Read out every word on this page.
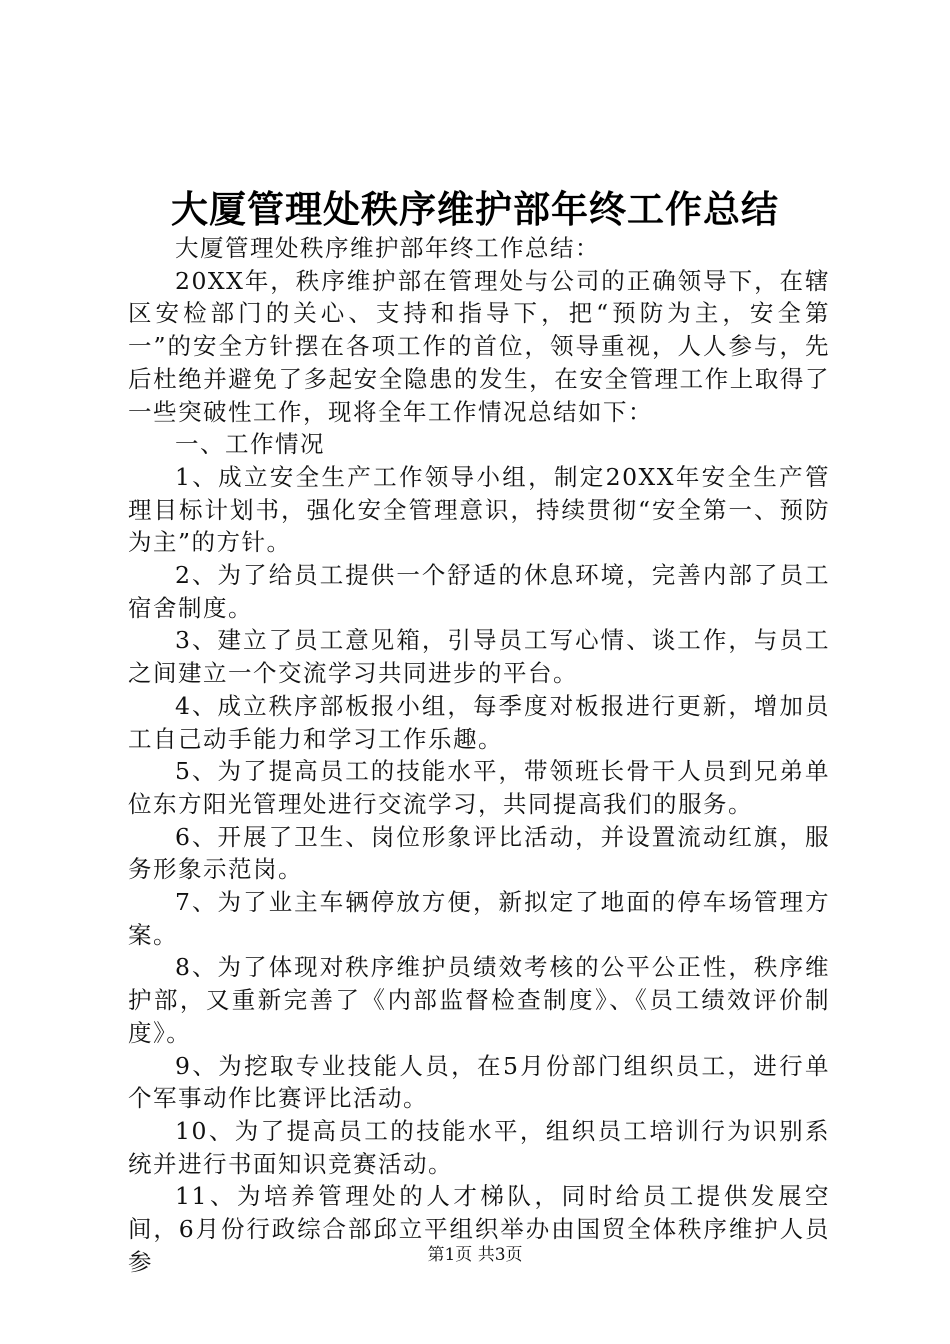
大厦管理处秩序维护部年终工作总结

大厦管理处秩序维护部年终工作总结：

20XX年，秩序维护部在管理处与公司的正确领导下，在辖区安检部门的关心、支持和指导下，把“预防为主，安全第一”的安全方针摆在各项工作的首位，领导重视，人人参与，先后杜绝并避免了多起安全隐患的发生，在安全管理工作上取得了一些突破性工作，现将全年工作情况总结如下：

一、工作情况

1、成立安全生产工作领导小组，制定20XX年安全生产管理目标计划书，强化安全管理意识，持续贯彻“安全第一、预防为主”的方针。

2、为了给员工提供一个舒适的休息环境，完善内部了员工宿舍制度。

3、建立了员工意见箱，引导员工写心情、谈工作，与员工之间建立一个交流学习共同进步的平台。

4、成立秩序部板报小组，每季度对板报进行更新，增加员工自己动手能力和学习工作乐趣。

5、为了提高员工的技能水平，带领班长骨干人员到兄弟单位东方阳光管理处进行交流学习，共同提高我们的服务。

6、开展了卫生、岗位形象评比活动，并设置流动红旗，服务形象示范岗。

7、为了业主车辆停放方便，新拟定了地面的停车场管理方案。

8、为了体现对秩序维护员绩效考核的公平公正性，秩序维护部，又重新完善了《内部监督检查制度》、《员工绩效评价制度》。

9、为挖取专业技能人员，在5月份部门组织员工，进行单个军事动作比赛评比活动。

10、为了提高员工的技能水平，组织员工培训行为识别系统并进行书面知识竞赛活动。

11、为培养管理处的人才梯队，同时给员工提供发展空间，6月份行政综合部邱立平组织举办由国贸全体秩序维护人员参	第1页 共3页
